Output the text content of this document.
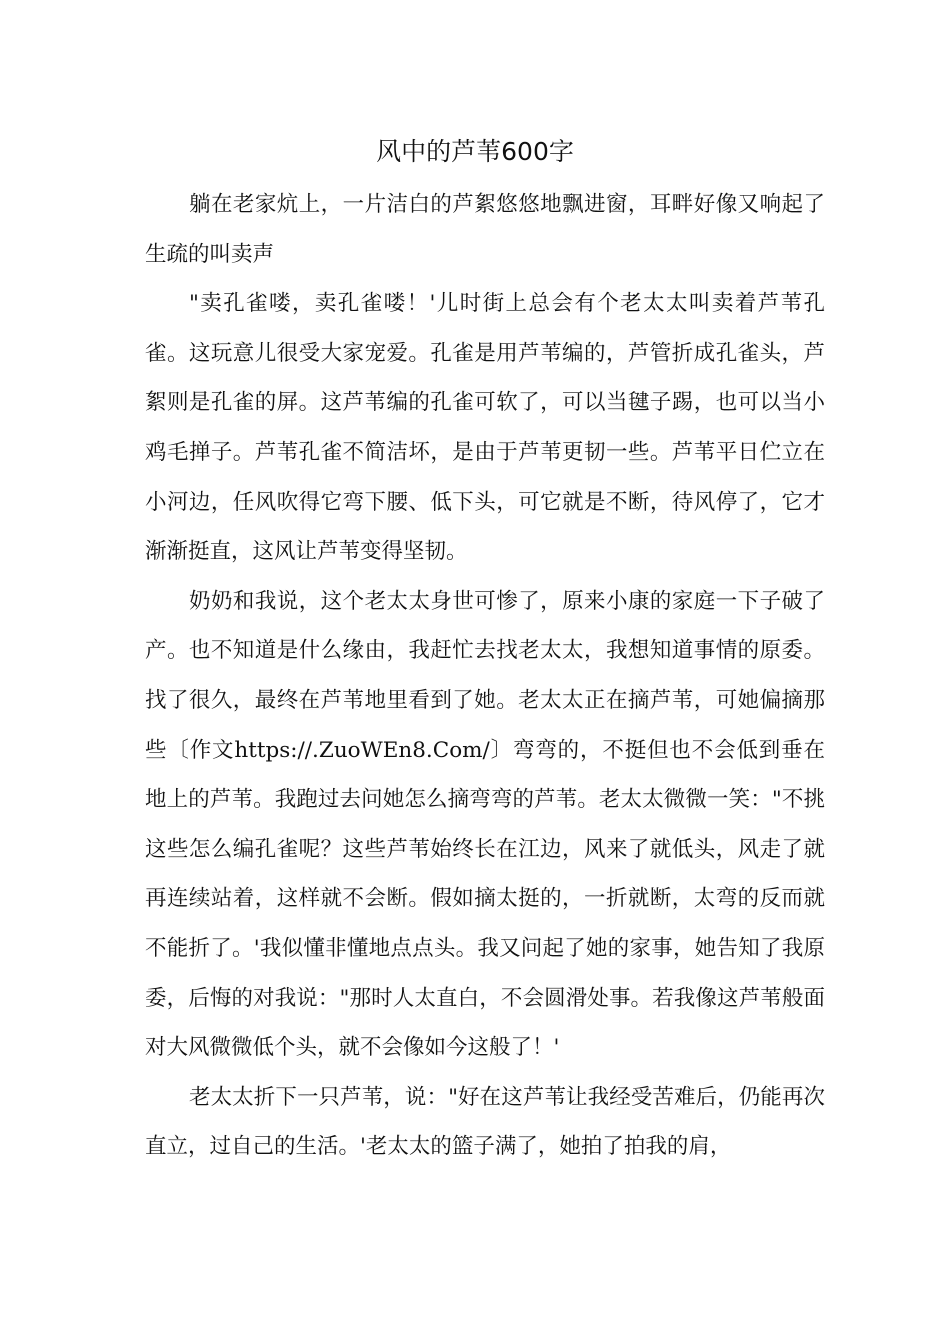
风中的芦苇600字

躺在老家炕上，一片洁白的芦絮悠悠地飘进窗，耳畔好像又响起了生疏的叫卖声

"卖孔雀喽，卖孔雀喽！'儿时街上总会有个老太太叫卖着芦苇孔雀。这玩意儿很受大家宠爱。孔雀是用芦苇编的，芦管折成孔雀头，芦絮则是孔雀的屏。这芦苇编的孔雀可软了，可以当毽子踢，也可以当小鸡毛掸子。芦苇孔雀不简洁坏，是由于芦苇更韧一些。芦苇平日伫立在小河边，任风吹得它弯下腰、低下头，可它就是不断，待风停了，它才渐渐挺直，这风让芦苇变得坚韧。

奶奶和我说，这个老太太身世可惨了，原来小康的家庭一下子破了产。也不知道是什么缘由，我赶忙去找老太太，我想知道事情的原委。找了很久，最终在芦苇地里看到了她。老太太正在摘芦苇，可她偏摘那些〔作文https://.ZuoWEn8.Com/〕弯弯的，不挺但也不会低到垂在地上的芦苇。我跑过去问她怎么摘弯弯的芦苇。老太太微微一笑："不挑这些怎么编孔雀呢？这些芦苇始终长在江边，风来了就低头，风走了就再连续站着，这样就不会断。假如摘太挺的，一折就断，太弯的反而就不能折了。'我似懂非懂地点点头。我又问起了她的家事，她告知了我原委，后悔的对我说："那时人太直白，不会圆滑处事。若我像这芦苇般面对大风微微低个头，就不会像如今这般了！'

老太太折下一只芦苇，说："好在这芦苇让我经受苦难后，仍能再次直立，过自己的生活。'老太太的篮子满了，她拍了拍我的肩，
